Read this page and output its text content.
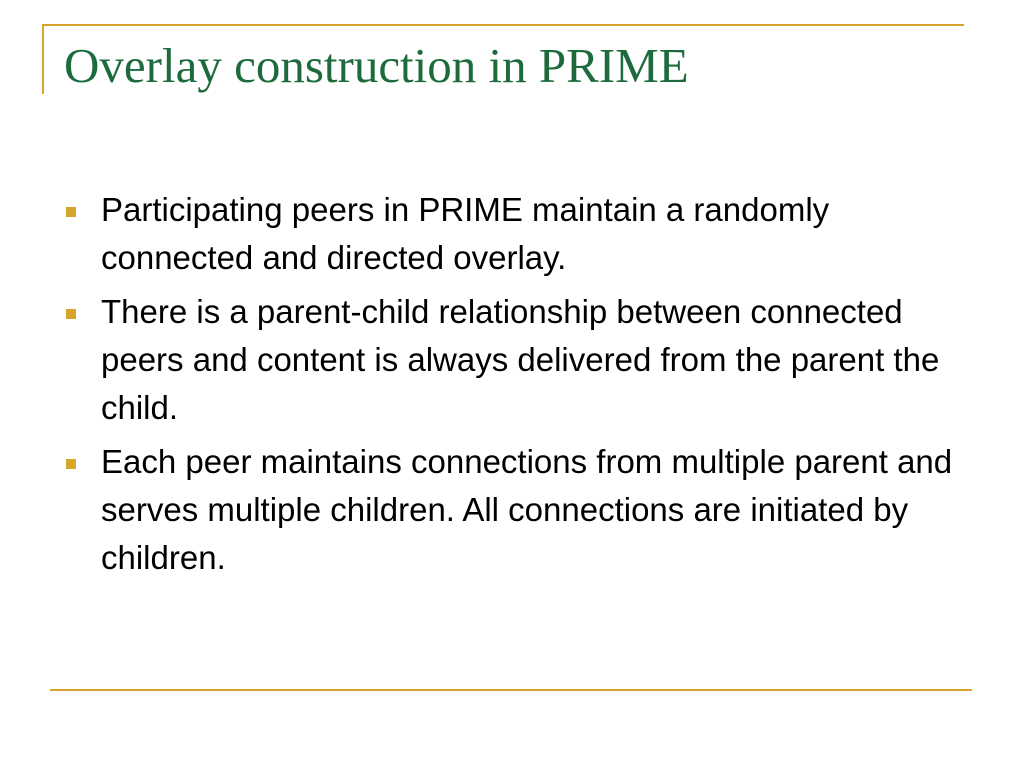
Overlay construction in PRIME
Participating peers in PRIME maintain a randomly connected and directed overlay.
There is a parent-child relationship between connected peers and content is always delivered from the parent the child.
Each peer maintains connections from multiple parent and serves multiple children. All connections are initiated by children.
